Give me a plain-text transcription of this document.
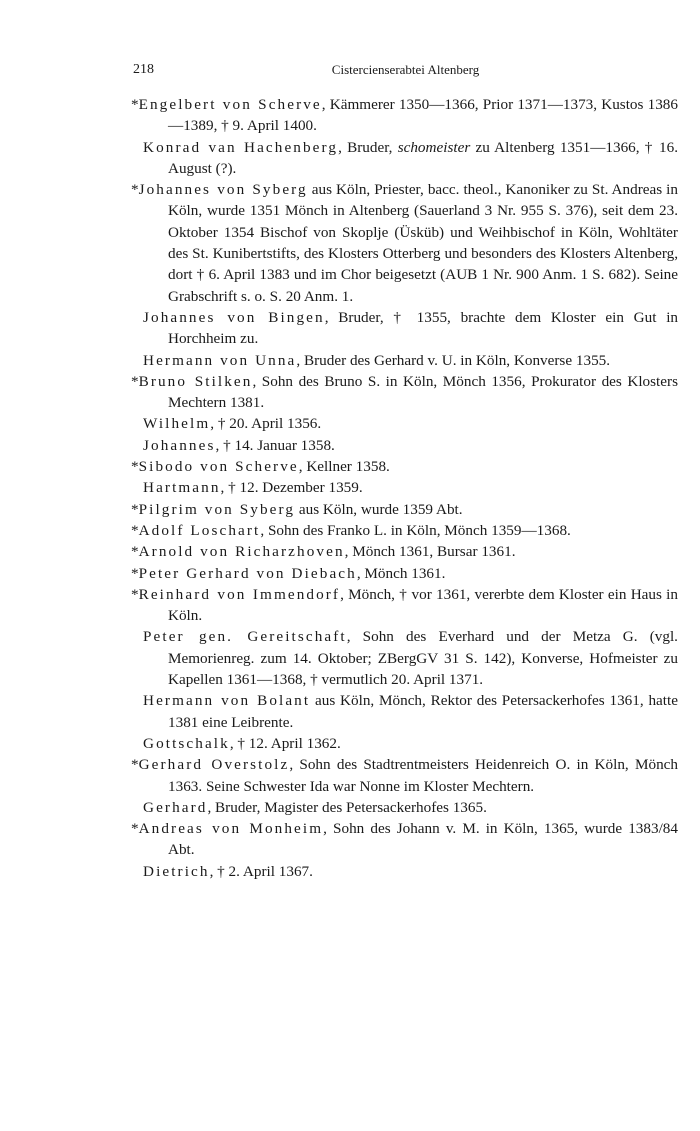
218	Cistercienserabtei Altenberg
*Engelbert von Scherve, Kämmerer 1350—1366, Prior 1371—1373, Kustos 1386—1389, † 9. April 1400.
Konrad van Hachenberg, Bruder, schomeister zu Altenberg 1351—1366, † 16. August (?).
*Johannes von Syberg aus Köln, Priester, bacc. theol., Kanoniker zu St. Andreas in Köln, wurde 1351 Mönch in Altenberg (Sauerland 3 Nr. 955 S. 376), seit dem 23. Oktober 1354 Bischof von Skoplje (Üsküb) und Weihbischof in Köln, Wohltäter des St. Kunibertstifts, des Klosters Otterberg und besonders des Klosters Altenberg, dort † 6. April 1383 und im Chor beigesetzt (AUB 1 Nr. 900 Anm. 1 S. 682). Seine Grabschrift s. o. S. 20 Anm. 1.
Johannes von Bingen, Bruder, † 1355, brachte dem Kloster ein Gut in Horchheim zu.
Hermann von Unna, Bruder des Gerhard v. U. in Köln, Konverse 1355.
*Bruno Stilken, Sohn des Bruno S. in Köln, Mönch 1356, Prokurator des Klosters Mechtern 1381.
Wilhelm, † 20. April 1356.
Johannes, † 14. Januar 1358.
*Sibodo von Scherve, Kellner 1358.
Hartmann, † 12. Dezember 1359.
*Pilgrim von Syberg aus Köln, wurde 1359 Abt.
*Adolf Loschart, Sohn des Franko L. in Köln, Mönch 1359—1368.
*Arnold von Richarzhoven, Mönch 1361, Bursar 1361.
*Peter Gerhard von Diebach, Mönch 1361.
*Reinhard von Immendorf, Mönch, † vor 1361, vererbte dem Kloster ein Haus in Köln.
Peter gen. Gereitschaft, Sohn des Everhard und der Metza G. (vgl. Memorienreg. zum 14. Oktober; ZBergGV 31 S. 142), Konverse, Hofmeister zu Kapellen 1361—1368, † vermutlich 20. April 1371.
Hermann von Bolant aus Köln, Mönch, Rektor des Petersackerhofes 1361, hatte 1381 eine Leibrente.
Gottschalk, † 12. April 1362.
*Gerhard Overstolz, Sohn des Stadtrentmeisters Heidenreich O. in Köln, Mönch 1363. Seine Schwester Ida war Nonne im Kloster Mechtern.
Gerhard, Bruder, Magister des Petersackerhofes 1365.
*Andreas von Monheim, Sohn des Johann v. M. in Köln, 1365, wurde 1383/84 Abt.
Dietrich, † 2. April 1367.
